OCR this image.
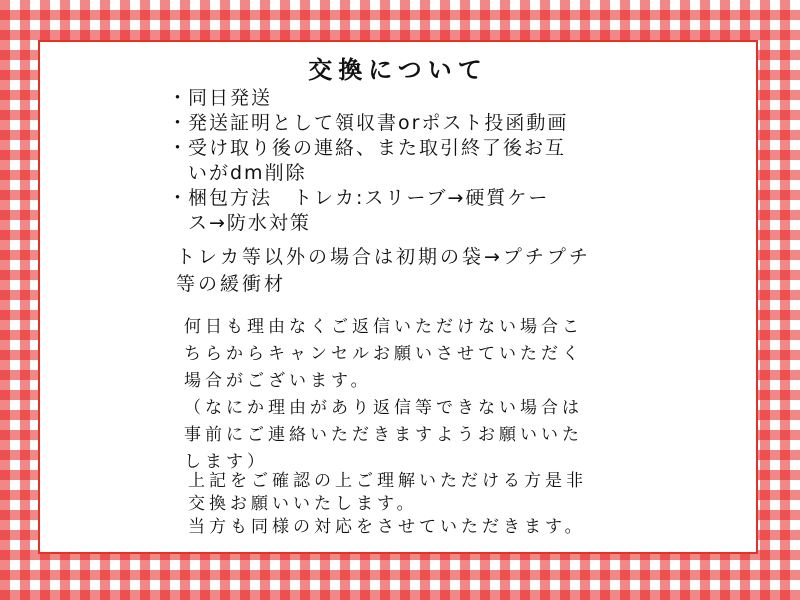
交換について
・同日発送
・発送証明として領収書orポスト投函動画
・受け取り後の連絡、また取引終了後お互
いがdm削除
・梱包方法　トレカ:スリーブ→硬質ケー
ス→防水対策
トレカ等以外の場合は初期の袋→プチプチ
等の緩衝材
何日も理由なくご返信いただけない場合こ
ちらからキャンセルお願いさせていただく
場合がございます。
（なにか理由があり返信等できない場合は
事前にご連絡いただきますようお願いいた
します）
上記をご確認の上ご理解いただける方是非
交換お願いいたします。
当方も同様の対応をさせていただきます。
